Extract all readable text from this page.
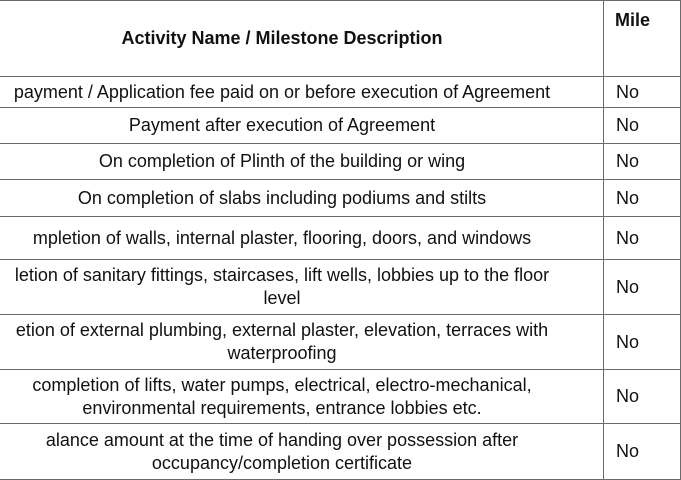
Activity Name / Milestone Description	Mile
payment / Application fee paid on or before execution of Agreement	No
Payment after execution of Agreement	No
On completion of Plinth of the building or wing	No
On completion of slabs including podiums and stilts	No
mpletion of walls, internal plaster, flooring, doors, and windows	No

letion of sanitary fittings, staircases, lift wells, lobbies up to the floor
level	No

etion of external plumbing, external plaster, elevation, terraces with
waterproofing	No

completion of lifts, water pumps, electrical, electro-mechanical,
environmental requirements, entrance lobbies etc.	No

alance amount at the time of handing over possession after
occupancy/completion certificate	No
